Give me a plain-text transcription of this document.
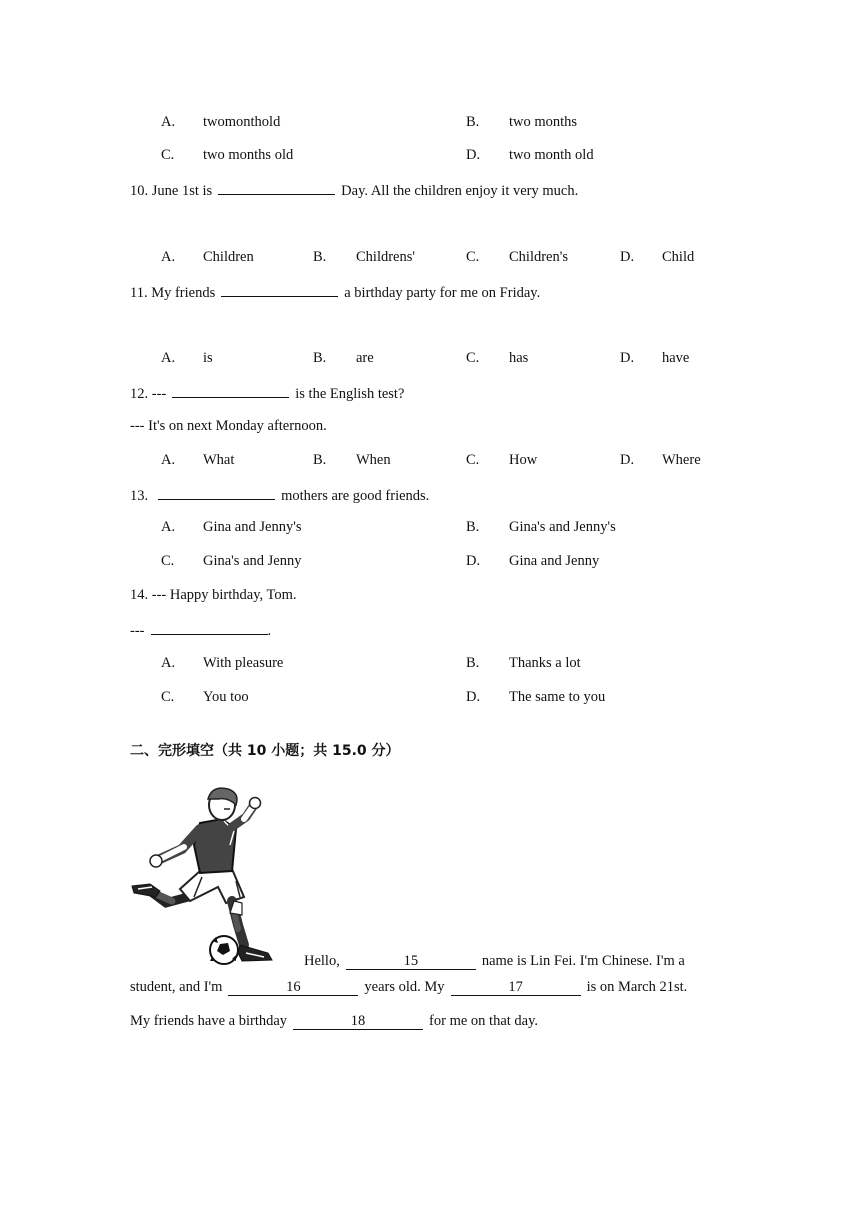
A. twomonthold	B. two months
C. two months old	D. two month old
10. June 1st is	Day. All the children enjoy it very much.
A. Children	B. Childrens'	C. Children's	D. Child
11. My friends	a birthday party for me on Friday.
A. is	B. are	C. has	D. have
12. ---	is the English test?
--- It's on next Monday afternoon.
A. What	B. When	C. How	D. Where
13.	mothers are good friends.
A. Gina and Jenny's	B. Gina's and Jenny's
C. Gina's and Jenny	D. Gina and Jenny
14. --- Happy birthday, Tom.
---	.
A. With pleasure	B. Thanks a lot
C. You too	D. The same to you
二、完形填空（共 10 小题；共 15.0 分）
Hello,	15	name is Lin Fei. I'm Chinese. I'm a
student, and I'm	16	years old. My	17	is on March 21st.
My friends have a birthday	18	for me on that day.
